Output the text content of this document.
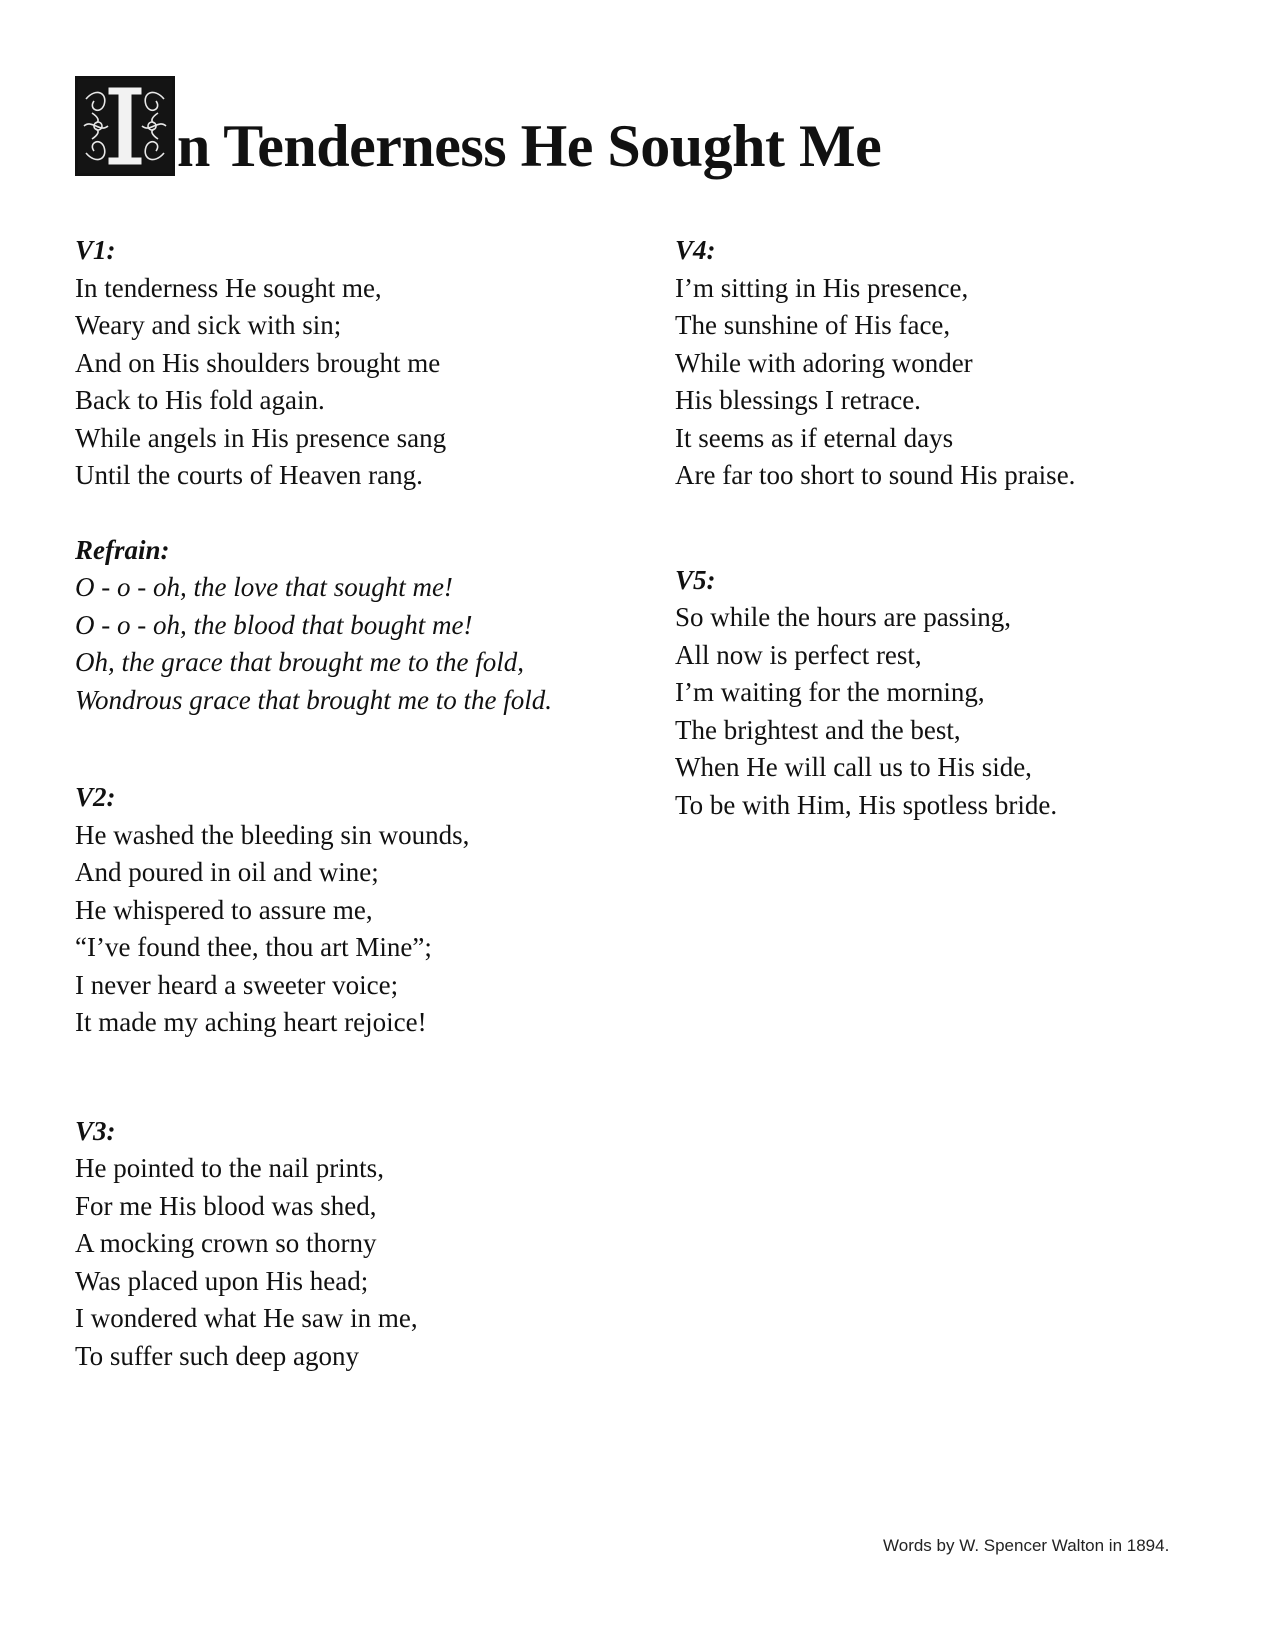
n Tenderness He Sought Me
V1:
In tenderness He sought me,
Weary and sick with sin;
And on His shoulders brought me
Back to His fold again.
While angels in His presence sang
Until the courts of Heaven rang.
Refrain:
O - o - oh, the love that sought me!
O - o - oh, the blood that bought me!
Oh, the grace that brought me to the fold,
Wondrous grace that brought me to the fold.
V2:
He washed the bleeding sin wounds,
And poured in oil and wine;
He whispered to assure me,
“I’ve found thee, thou art Mine”;
I never heard a sweeter voice;
It made my aching heart rejoice!
V3:
He pointed to the nail prints,
For me His blood was shed,
A mocking crown so thorny
Was placed upon His head;
I wondered what He saw in me,
To suffer such deep agony
V4:
I’m sitting in His presence,
The sunshine of His face,
While with adoring wonder
His blessings I retrace.
It seems as if eternal days
Are far too short to sound His praise.
V5:
So while the hours are passing,
All now is perfect rest,
I’m waiting for the morning,
The brightest and the best,
When He will call us to His side,
To be with Him, His spotless bride.
Words by W. Spencer Walton in 1894.
